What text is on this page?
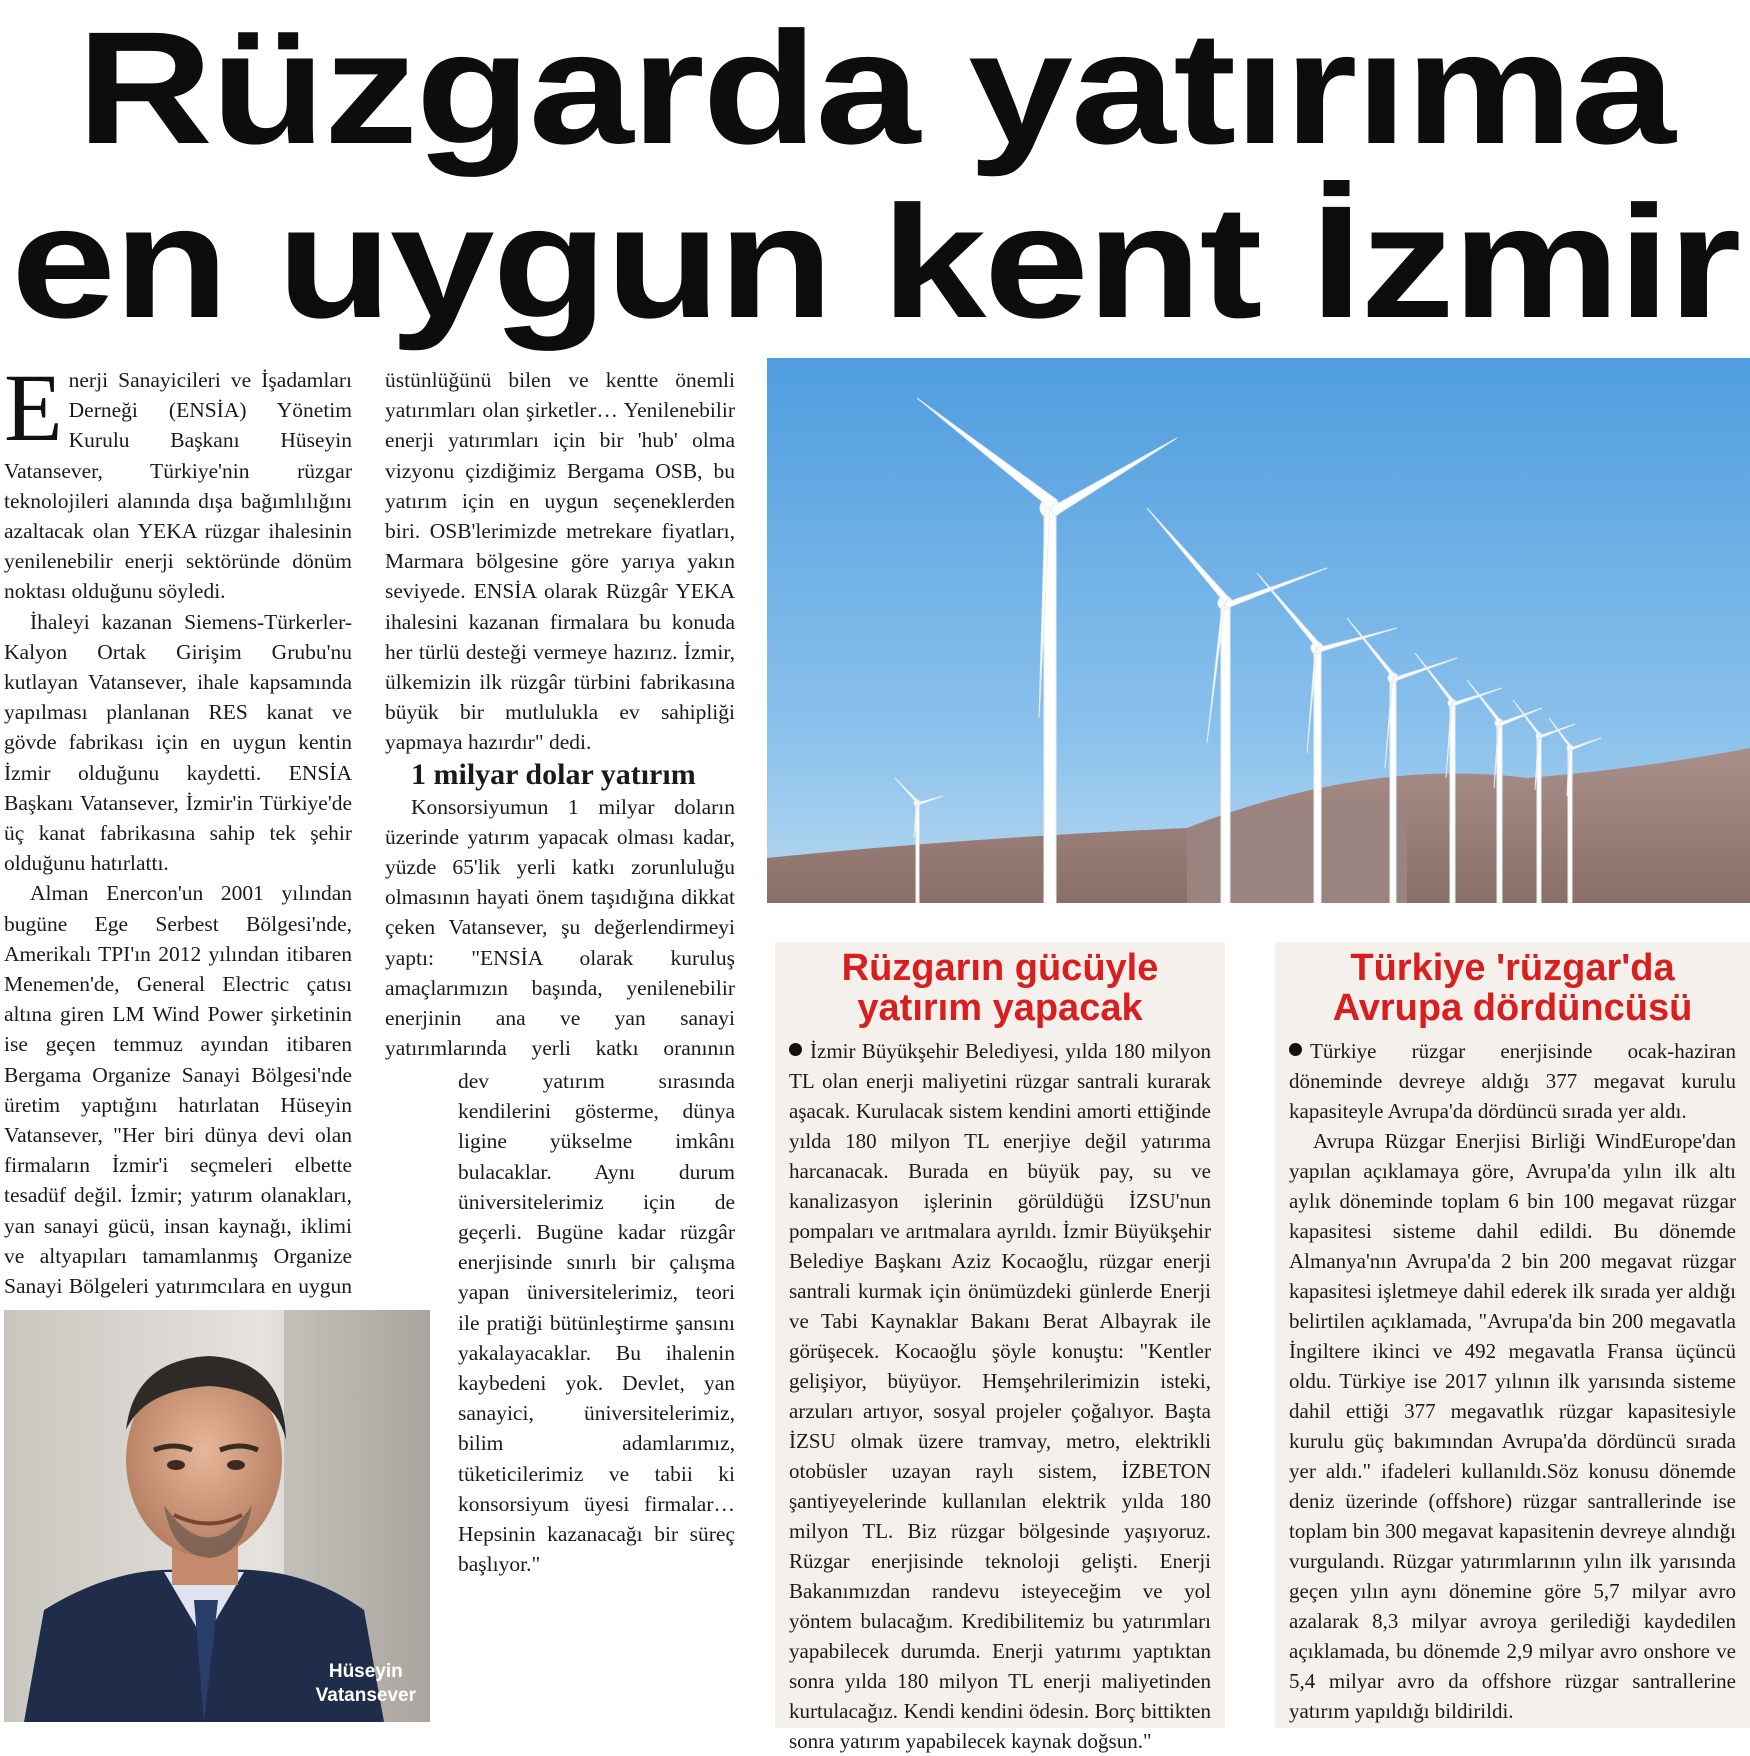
Rüzgarda yatırıma
en uygun kent İzmir

Enerji Sanayicileri ve İşadamları Derneği (ENSİA) Yönetim Kurulu Başkanı Hüseyin Vatansever, Türkiye'nin rüzgar teknolojileri alanında dışa bağımlılığını azaltacak olan YEKA rüzgar ihalesinin yenilenebilir enerji sektöründe dönüm noktası olduğunu söyledi.

İhaleyi kazanan Siemens-Türkerler-Kalyon Ortak Girişim Grubu'nu kutlayan Vatansever, ihale kapsamında yapılması planlanan RES kanat ve gövde fabrikası için en uygun kentin İzmir olduğunu kaydetti. ENSİA Başkanı Vatansever, İzmir'in Türkiye'de üç kanat fabrikasına sahip tek şehir olduğunu hatırlattı.

Alman Enercon'un 2001 yılından bugüne Ege Serbest Bölgesi'nde, Amerikalı TPI'ın 2012 yılından itibaren Menemen'de, General Electric çatısı altına giren LM Wind Power şirketinin ise geçen temmuz ayından itibaren Bergama Organize Sanayi Bölgesi'nde üretim yaptığını hatırlatan Hüseyin Vatansever, "Her biri dünya devi olan firmaların İzmir'i seçmeleri elbette tesadüf değil. İzmir; yatırım olanakları, yan sanayi gücü, insan kaynağı, iklimi ve altyapıları tamamlanmış Organize Sanayi Bölgeleri yatırımcılara en uygun

Hüseyin
Vatansever

üstünlüğünü bilen ve kentte önemli yatırımları olan şirketler… Yenilenebilir enerji yatırımları için bir 'hub' olma vizyonu çizdiğimiz Bergama OSB, bu yatırım için en uygun seçeneklerden biri. OSB'lerimizde metrekare fiyatları, Marmara bölgesine göre yarıya yakın seviyede. ENSİA olarak Rüzgâr YEKA ihalesini kazanan firmalara bu konuda her türlü desteği vermeye hazırız. İzmir, ülkemizin ilk rüzgâr türbini fabrikasına büyük bir mutlulukla ev sahipliği yapmaya hazırdır" dedi.

1 milyar dolar yatırım

Konsorsiyumun 1 milyar doların üzerinde yatırım yapacak olması kadar, yüzde 65'lik yerli katkı zorunluluğu olmasının hayati önem taşıdığına dikkat çeken Vatansever, şu değerlendirmeyi yaptı: "ENSİA olarak kuruluş amaçlarımızın başında, yenilenebilir enerjinin ana ve yan sanayi yatırımlarında yerli katkı oranının

dev yatırım sırasında kendilerini gösterme, dünya ligine yükselme imkânı bulacaklar. Aynı durum üniversitelerimiz için de geçerli. Bugüne kadar rüzgâr enerjisinde sınırlı bir çalışma yapan üniversitelerimiz, teori ile pratiği bütünleştirme şansını yakalayacaklar. Bu ihalenin kaybedeni yok. Devlet, yan sanayici, üniversitelerimiz, bilim adamlarımız, tüketicilerimiz ve tabii ki konsorsiyum üyesi firmalar… Hepsinin kazanacağı bir süreç başlıyor."

Rüzgarın gücüyle
yatırım yapacak

İzmir Büyükşehir Belediyesi, yılda 180 milyon TL olan enerji maliyetini rüzgar santrali kurarak aşacak. Kurulacak sistem kendini amorti ettiğinde yılda 180 milyon TL enerjiye değil yatırıma harcanacak. Burada en büyük pay, su ve kanalizasyon işlerinin görüldüğü İZSU'nun pompaları ve arıtmalara ayrıldı. İzmir Büyükşehir Belediye Başkanı Aziz Kocaoğlu, rüzgar enerji santrali kurmak için önümüzdeki günlerde Enerji ve Tabi Kaynaklar Bakanı Berat Albayrak ile görüşecek. Kocaoğlu şöyle konuştu: "Kentler gelişiyor, büyüyor. Hemşehrilerimizin isteki, arzuları artıyor, sosyal projeler çoğalıyor. Başta İZSU olmak üzere tramvay, metro, elektrikli otobüsler uzayan raylı sistem, İZBETON şantiyeyelerinde kullanılan elektrik yılda 180 milyon TL. Biz rüzgar bölgesinde yaşıyoruz. Rüzgar enerjisinde teknoloji gelişti. Enerji Bakanımızdan randevu isteyeceğim ve yol yöntem bulacağım. Kredibilitemiz bu yatırımları yapabilecek durumda. Enerji yatırımı yaptıktan sonra yılda 180 milyon TL enerji maliyetinden kurtulacağız. Kendi kendini ödesin. Borç bittikten sonra yatırım yapabilecek kaynak doğsun."

Türkiye 'rüzgar'da
Avrupa dördüncüsü

Türkiye rüzgar enerjisinde ocak-haziran döneminde devreye aldığı 377 megavat kurulu kapasiteyle Avrupa'da dördüncü sırada yer aldı.

Avrupa Rüzgar Enerjisi Birliği WindEurope'dan yapılan açıklamaya göre, Avrupa'da yılın ilk altı aylık döneminde toplam 6 bin 100 megavat rüzgar kapasitesi sisteme dahil edildi. Bu dönemde Almanya'nın Avrupa'da 2 bin 200 megavat rüzgar kapasitesi işletmeye dahil ederek ilk sırada yer aldığı belirtilen açıklamada, "Avrupa'da bin 200 megavatla İngiltere ikinci ve 492 megavatla Fransa üçüncü oldu. Türkiye ise 2017 yılının ilk yarısında sisteme dahil ettiği 377 megavatlık rüzgar kapasitesiyle kurulu güç bakımından Avrupa'da dördüncü sırada yer aldı." ifadeleri kullanıldı.Söz konusu dönemde deniz üzerinde (offshore) rüzgar santrallerinde ise toplam bin 300 megavat kapasitenin devreye alındığı vurgulandı. Rüzgar yatırımlarının yılın ilk yarısında geçen yılın aynı dönemine göre 5,7 milyar avro azalarak 8,3 milyar avroya gerilediği kaydedilen açıklamada, bu dönemde 2,9 milyar avro onshore ve 5,4 milyar avro da offshore rüzgar santrallerine yatırım yapıldığı bildirildi.
